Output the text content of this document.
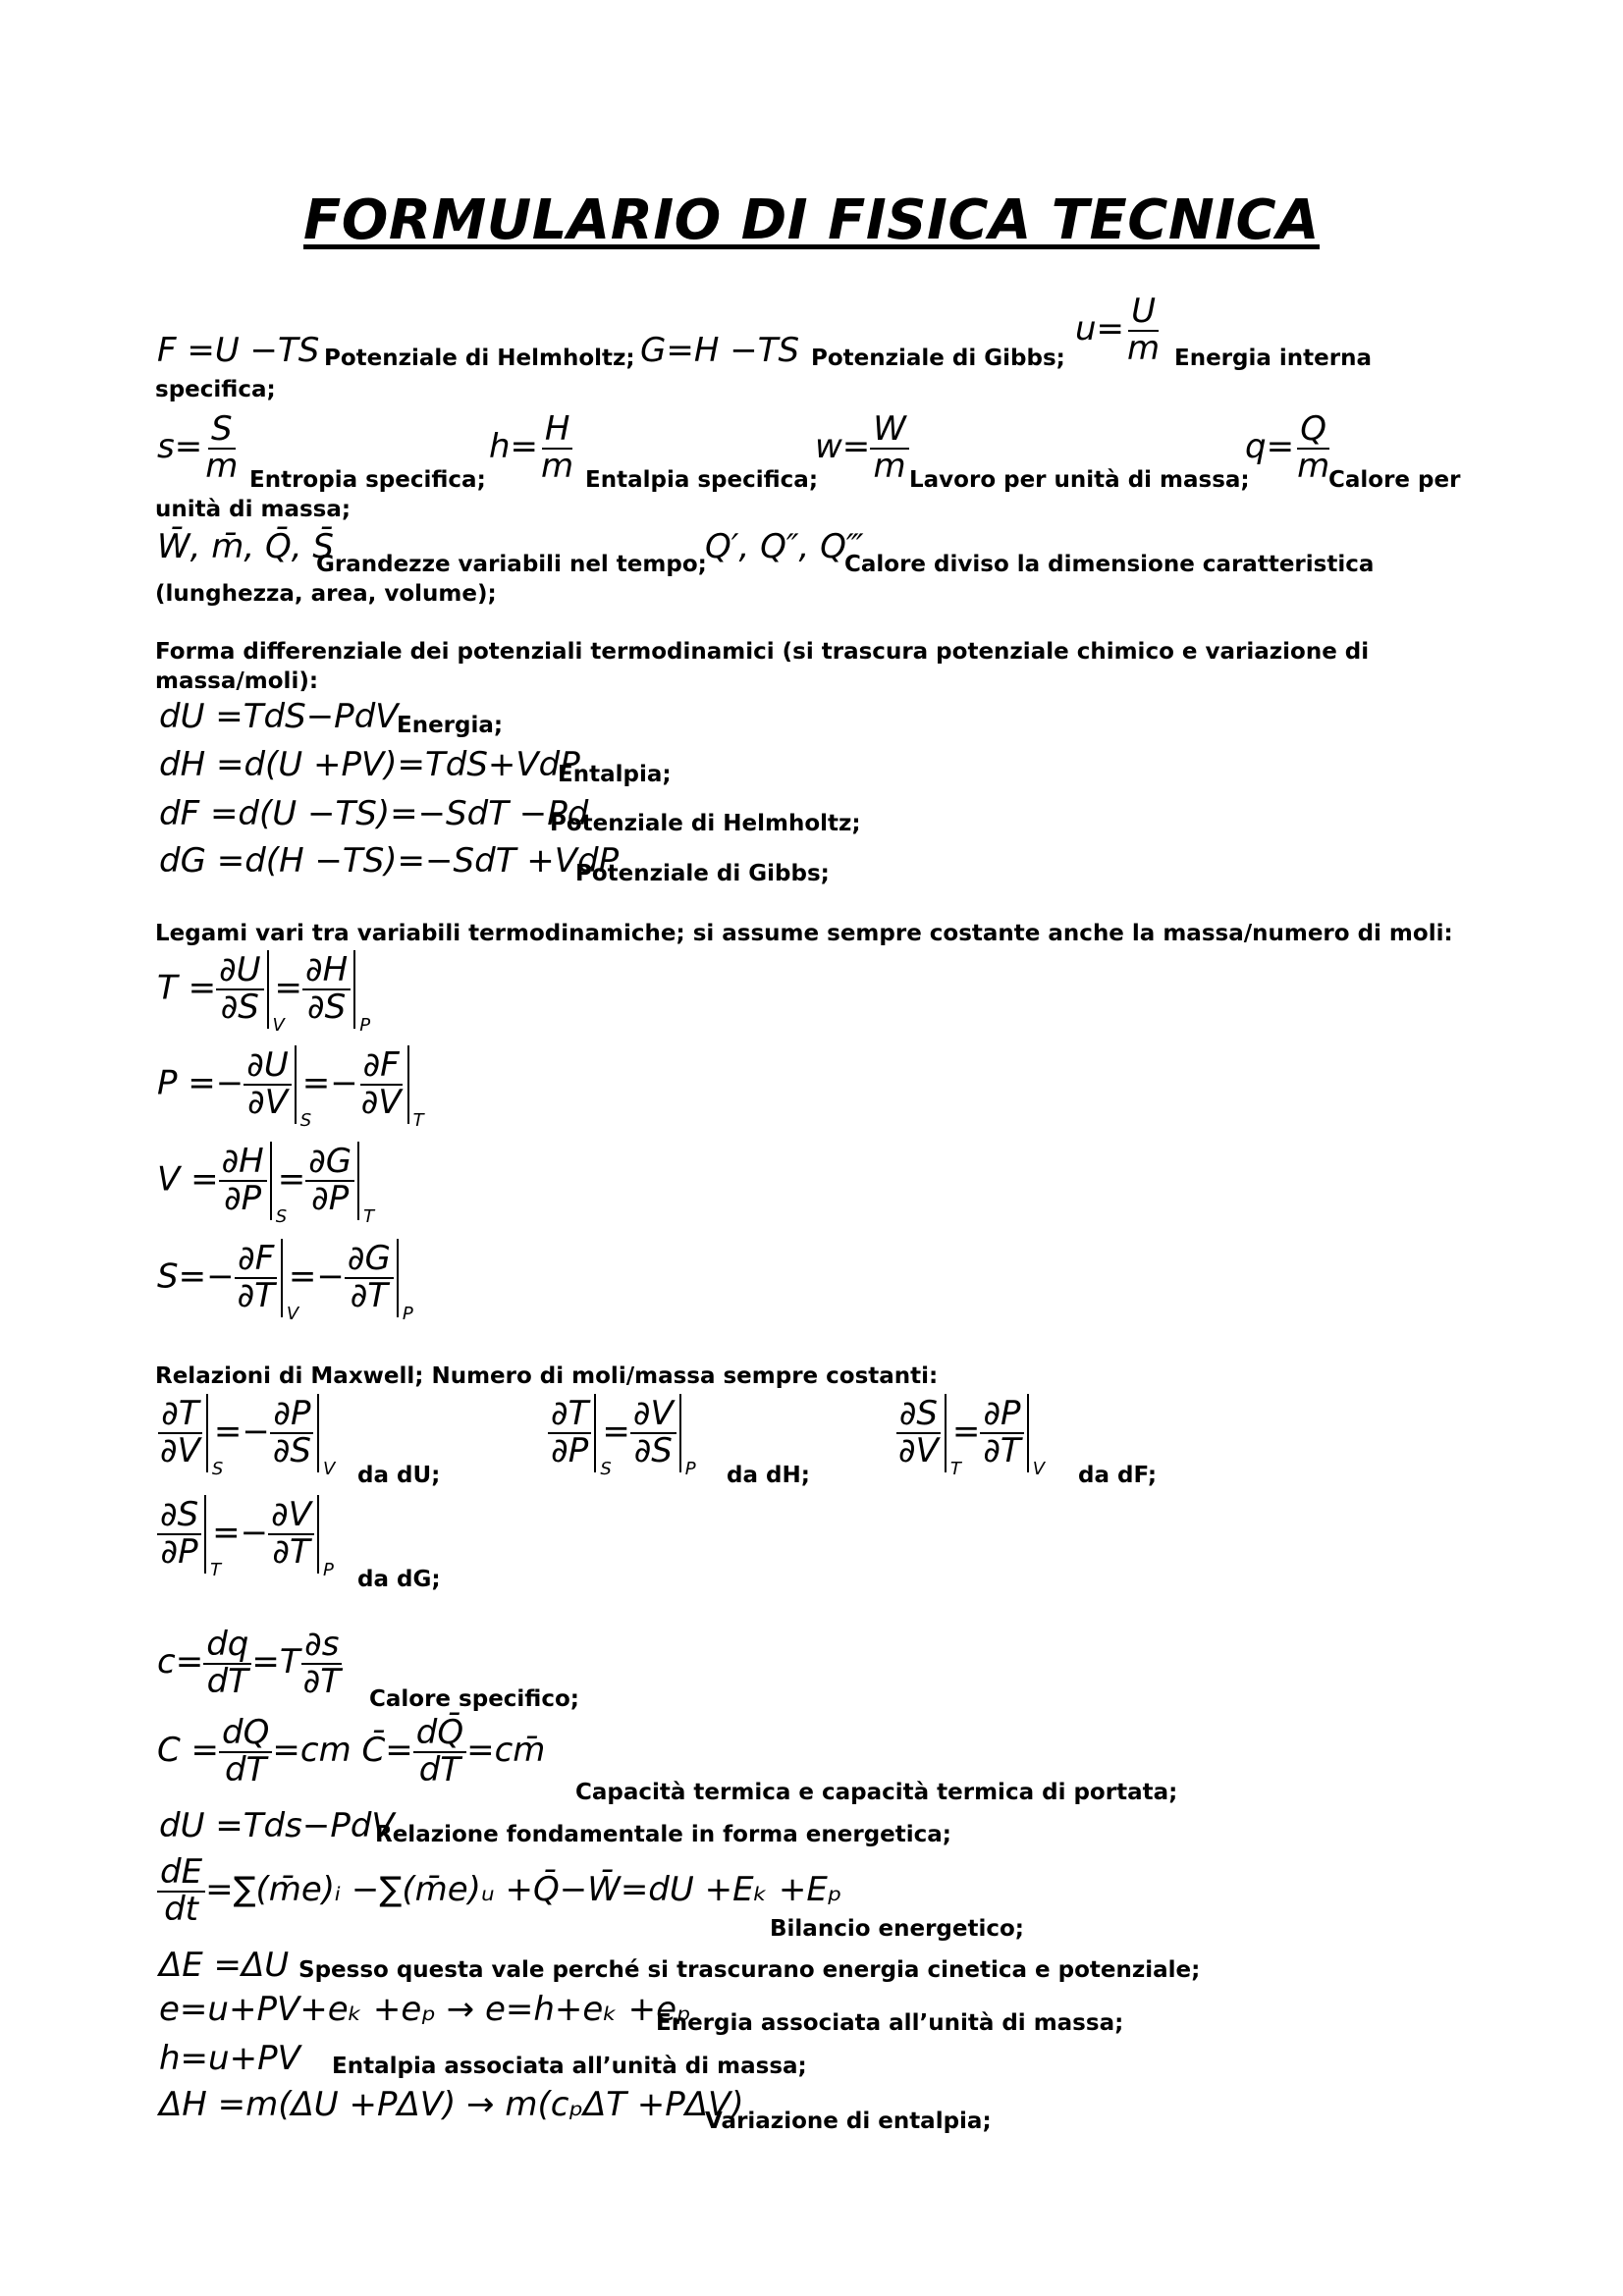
FORMULARIO DI FISICA TECNICA
F =U −TS Potenziale di Helmholtz; G=H −TS Potenziale di Gibbs;
$u= \frac{U}{m}$ Energia interna
specifica;
$s= \frac{S}{m}$ Entropia specifica;
$h= \frac{H}{m}$ Entalpia specifica;
$w= \frac{W}{m}$ Lavoro per unità di massa;
$q= \frac{Q}{m}$
Calore per
unità di massa;
W̄, m̄, Q̄, S̄
Grandezze variabili nel tempo;
Q′, Q″, Q‴
Calore diviso la dimensione caratteristica
(lunghezza, area, volume);
Forma differenziale dei potenziali termodinamici (si trascura potenziale chimico e variazione di massa/moli):
dU =TdS−PdV
Energia;
dH =d(U +PV)=TdS+VdP
Entalpia;
dF =d(U −TS)=−SdT −Pd
Potenziale di Helmholtz;
dG =d(H −TS)=−SdT +VdP
Potenziale di Gibbs;
Legami vari tra variabili termodinamiche; si assume sempre costante anche la massa/numero di moli:
$T = \frac{\partial U}{\partial S}$ V
= $\frac{\partial H}{\partial S}$ P
$P =- \frac{\partial U}{\partial V}$ S
=− $\frac{\partial F}{\partial V}$ T
$V = \frac{\partial H}{\partial P}$ S
= $\frac{\partial G}{\partial P}$ T
$S=- \frac{\partial F}{\partial T}$ V
=− $\frac{\partial G}{\partial T}$ P
Relazioni di Maxwell; Numero di moli/massa sempre costanti:
$\frac{\partial T}{\partial V}$ S
=− $\frac{\partial P}{\partial S}$ V da dU;
$\frac{\partial T}{\partial P}$ S
= $\frac{\partial V}{\partial S}$ P da dH;
$\frac{\partial S}{\partial V}$ T
= $\frac{\partial P}{\partial T}$ V da dF;
$\frac{\partial S}{\partial P}$ T
=− $\frac{\partial V}{\partial T}$ P da dG;
$c= \frac{dq}{dT} =T \frac{\partial s}{\partial T}$ Calore specifico;
$C = \frac{dQ}{dT} =cm$ C̄= $\frac{dQ̄}{dT}$ =cm̄
Capacità termica e capacità termica di portata;
dU =Tds−PdV
Relazione fondamentale in forma energetica;
$\frac{dE}{dt}$ =∑(m̄e)ᵢ −∑(m̄e)ᵤ +Q̄−W̄=dU +Eₖ +Eₚ
Bilancio energetico;
ΔE =ΔU Spesso questa vale perché si trascurano energia cinetica e potenziale;
e=u+PV+eₖ +eₚ → e=h+eₖ +eₚ
Energia associata all’unità di massa;
h=u+PV Entalpia associata all’unità di massa;
ΔH =m(ΔU +PΔV) → m(cₚΔT +PΔV)
Variazione di entalpia;
